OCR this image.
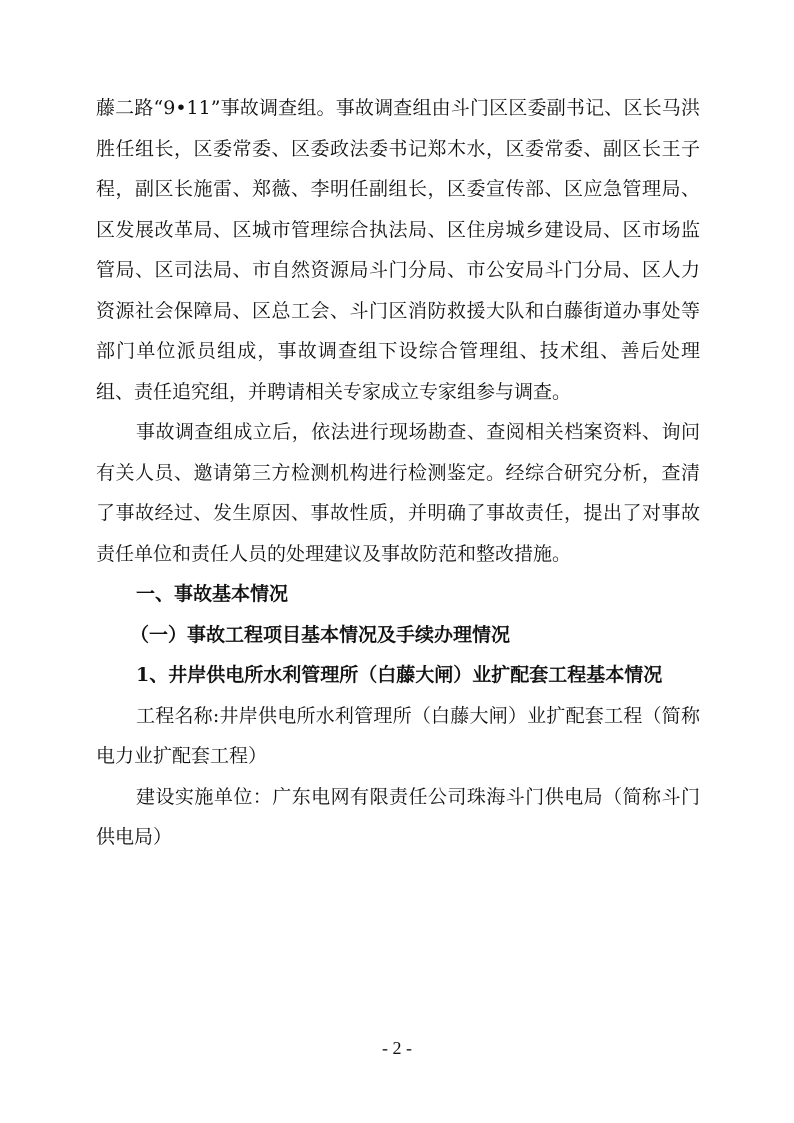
藤二路“9•11”事故调查组。事故调查组由斗门区区委副书记、区长马洪胜任组长，区委常委、区委政法委书记郑木水，区委常委、副区长王子程，副区长施雷、郑薇、李明任副组长，区委宣传部、区应急管理局、区发展改革局、区城市管理综合执法局、区住房城乡建设局、区市场监管局、区司法局、市自然资源局斗门分局、市公安局斗门分局、区人力资源社会保障局、区总工会、斗门区消防救援大队和白藤街道办事处等部门单位派员组成，事故调查组下设综合管理组、技术组、善后处理组、责任追究组，并聘请相关专家成立专家组参与调查。

事故调查组成立后，依法进行现场勘查、查阅相关档案资料、询问有关人员、邀请第三方检测机构进行检测鉴定。经综合研究分析，查清了事故经过、发生原因、事故性质，并明确了事故责任，提出了对事故责任单位和责任人员的处理建议及事故防范和整改措施。

一、事故基本情况

（一）事故工程项目基本情况及手续办理情况

1、井岸供电所水利管理所（白藤大闸）业扩配套工程基本情况

工程名称:井岸供电所水利管理所（白藤大闸）业扩配套工程（简称电力业扩配套工程）

建设实施单位：广东电网有限责任公司珠海斗门供电局（简称斗门供电局）

- 2 -
